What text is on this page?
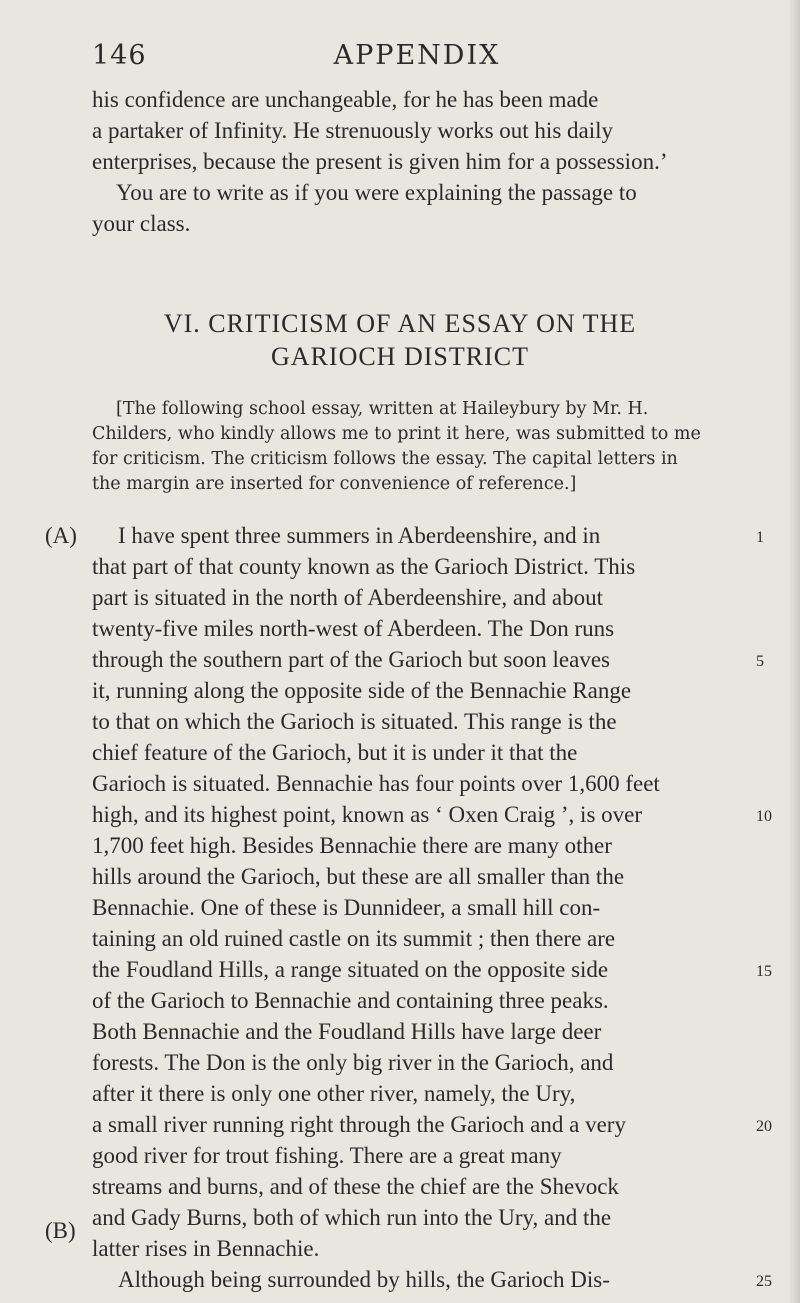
146	APPENDIX
his confidence are unchangeable, for he has been made
a partaker of Infinity. He strenuously works out his daily
enterprises, because the present is given him for a possession.’
You are to write as if you were explaining the passage to
your class.
VI. CRITICISM OF AN ESSAY ON THE
GARIOCH DISTRICT
[The following school essay, written at Haileybury by Mr. H.
Childers, who kindly allows me to print it here, was submitted to me
for criticism. The criticism follows the essay. The capital letters in
the margin are inserted for convenience of reference.]
(A)
(B)
I have spent three summers in Aberdeenshire, and in
that part of that county known as the Garioch District. This
part is situated in the north of Aberdeenshire, and about
twenty-five miles north-west of Aberdeen. The Don runs
through the southern part of the Garioch but soon leaves
it, running along the opposite side of the Bennachie Range
to that on which the Garioch is situated. This range is the
chief feature of the Garioch, but it is under it that the
Garioch is situated. Bennachie has four points over 1,600 feet
high, and its highest point, known as ‘ Oxen Craig ’, is over
1,700 feet high. Besides Bennachie there are many other
hills around the Garioch, but these are all smaller than the
Bennachie. One of these is Dunnideer, a small hill con-
taining an old ruined castle on its summit ; then there are
the Foudland Hills, a range situated on the opposite side
of the Garioch to Bennachie and containing three peaks.
Both Bennachie and the Foudland Hills have large deer
forests. The Don is the only big river in the Garioch, and
after it there is only one other river, namely, the Ury,
a small river running right through the Garioch and a very
good river for trout fishing. There are a great many
streams and burns, and of these the chief are the Shevock
and Gady Burns, both of which run into the Ury, and the
latter rises in Bennachie.
Although being surrounded by hills, the Garioch Dis-
1
5
10
15
20
25
